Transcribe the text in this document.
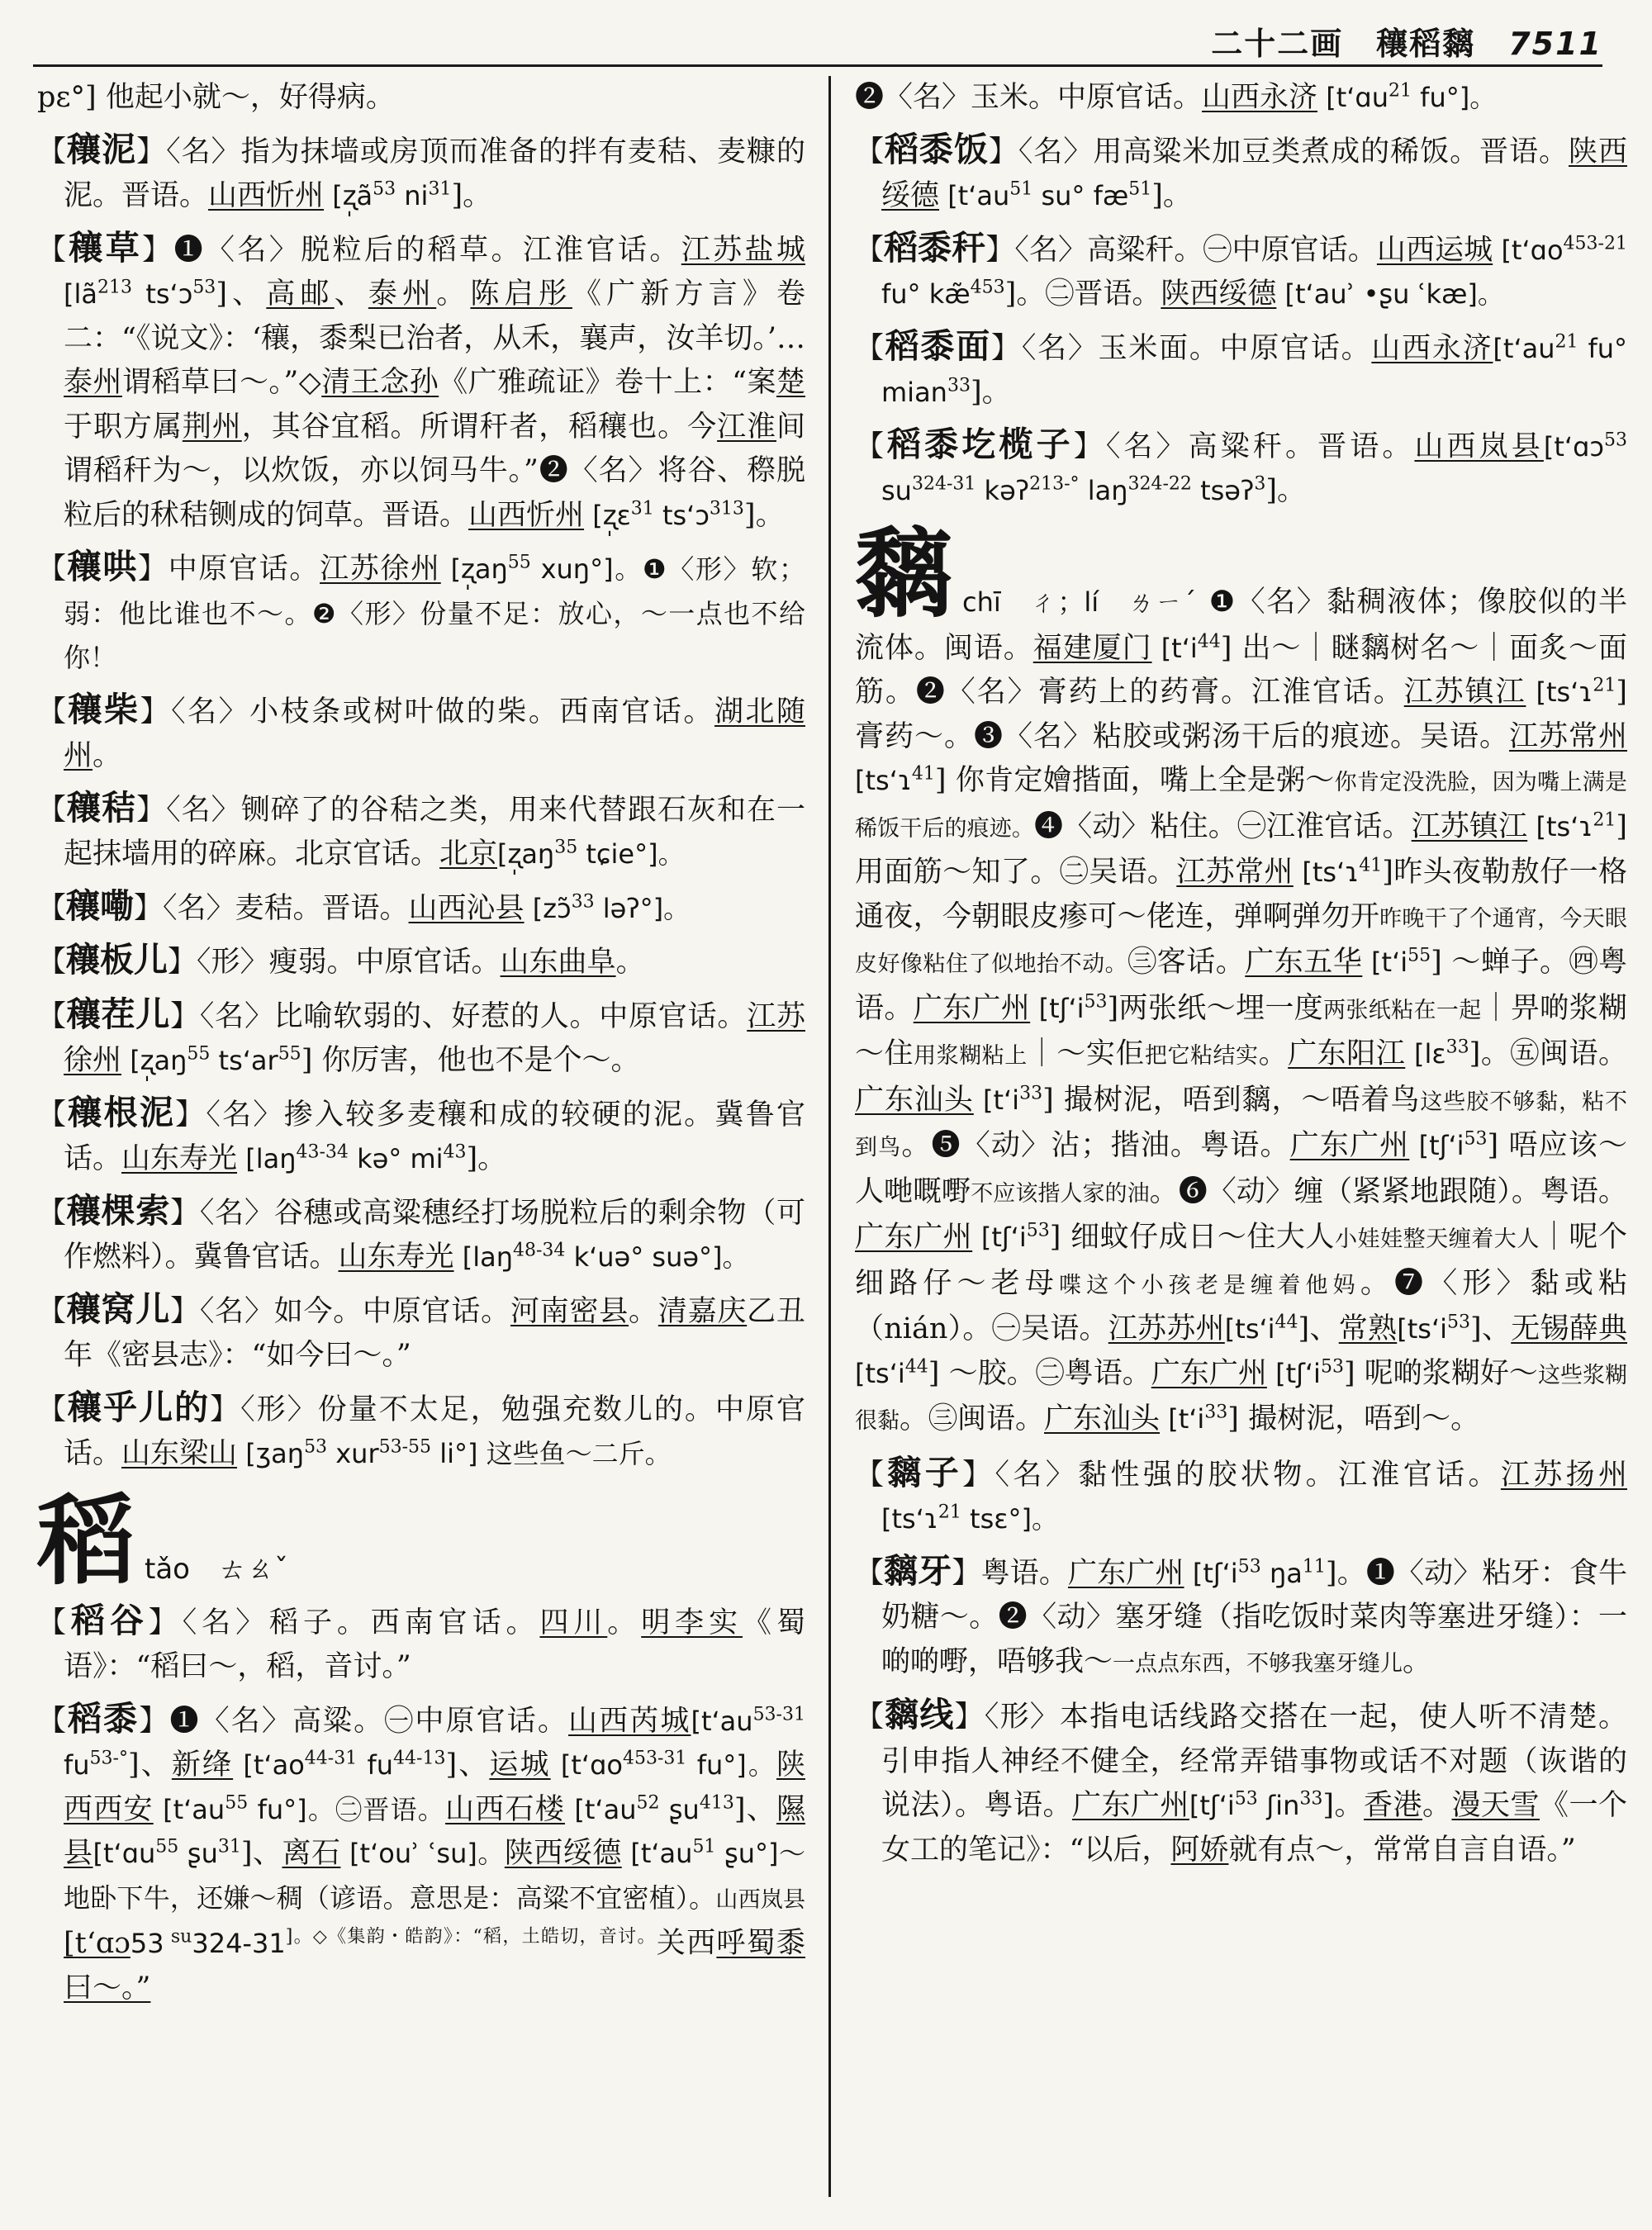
二十二画　穰稻黐 7511
pɛ°] 他起小就～，好得病。
【穰泥】〈名〉指为抹墙或房顶而准备的拌有麦秸、麦糠的泥。晋语。山西忻州 [$ʐ̩ã^{53}$ $ni^{31}$]。
【穰草】❶〈名〉脱粒后的稻草。江淮官话。江苏盐城 [$lã^{213}$ ts‘ɔ$^{53}$]、高邮、泰州。陈启彤《广新方言》卷二：“《说文》：‘穰，黍梨已治者，从禾，襄声，汝羊切。’…泰州谓稻草曰～。”◇清王念孙《广雅疏证》卷十上：“案楚于职方属荆州，其谷宜稻。所谓秆者，稻穰也。今江淮间谓稻秆为～，以炊饭，亦以饲马牛。”❷〈名〉将谷、穄脱粒后的秫秸铡成的饲草。晋语。山西忻州 [ʐ̩ɛ$^{31}$ ts‘ɔ$^{313}$]。
【穰哄】中原官话。江苏徐州 [$ʐ̩aŋ^{55}$ xuŋ°]。❶〈形〉软；弱：他比谁也不～。❷〈形〉份量不足：放心，～一点也不给你！
【穰柴】〈名〉小枝条或树叶做的柴。西南官话。湖北随州。
【穰秸】〈名〉铡碎了的谷秸之类，用来代替跟石灰和在一起抹墙用的碎麻。北京官话。北京[$ʐ̩aŋ^{35}$ tɕie°]。
【穰嘞】〈名〉麦秸。晋语。山西沁县 [zɔ̃$^{33}$ ləʔ°]。
【穰板儿】〈形〉瘦弱。中原官话。山东曲阜。
【穰茬儿】〈名〉比喻软弱的、好惹的人。中原官话。江苏徐州 [$ʐ̩aŋ^{55}$ $ts‘ar^{55}$] 你厉害，他也不是个～。
【穰根泥】〈名〉掺入较多麦穰和成的较硬的泥。冀鲁官话。山东寿光 [laŋ$^{43-34}$ kə° $mi^{43}$]。
【穰棵索】〈名〉谷穗或高粱穗经打场脱粒后的剩余物（可作燃料）。冀鲁官话。山东寿光 [laŋ$^{48-34}$ k‘uə° suə°]。
【穰窝儿】〈名〉如今。中原官话。河南密县。清嘉庆乙丑年《密县志》：“如今曰～。”
【穰乎儿的】〈形〉份量不太足，勉强充数儿的。中原官话。山东梁山 [ʒaŋ$^{53}$ xur$^{53-55}$ li°] 这些鱼～二斤。
稻tǎo　ㄊㄠˇ
【稻谷】〈名〉稻子。西南官话。四川。明李实《蜀语》：“稻曰～，稻，音讨。”
【稻黍】❶〈名〉高粱。㊀中原官话。山西芮城[$t‘au^{53-31}$ $fu^{53-^\circ}$]、新绛 [$t‘ao^{44-31}$ $fu^{44-13}$]、运城 [t‘ɑo$^{453-31}$ fu°]。陕西西安 [$t‘au^{55}$ fu°]。㊁晋语。山西石楼 [$t‘au^{52}$ ʂu$^{413}$]、隰县[t‘ɑu$^{55}$ ʂu$^{31}$]、离石 [t‘ouʾ ʿsu]。陕西绥德 [$t‘au^{51}$ ʂu°]～地卧下牛，还嫌～稠（谚语。意思是：高粱不宜密植）。山西岚县 [t‘ɑɔ53 $^{su}324-31^{]。◇《集韵・皓韵》:“稻,土皓切,音讨。}$关西呼蜀黍曰～。”
❷〈名〉玉米。中原官话。山西永济 [t‘ɑu$^{21}$ fu°]。
【稻黍饭】〈名〉用高粱米加豆类煮成的稀饭。晋语。陕西绥德 [$t‘au^{51}$ su° $fæ^{51}$]。
【稻黍秆】〈名〉高粱秆。㊀中原官话。山西运城 [t‘ɑo$^{453-21}$ fu° kæ̃$^{453}$]。㊁晋语。陕西绥德 [t‘auʾ •ʂu ʿkæ]。
【稻黍面】〈名〉玉米面。中原官话。山西永济[$t‘au^{21}$ fu° mian$^{33}$]。
【稻黍圪榄子】〈名〉高粱秆。晋语。山西岚县[t‘ɑɔ$^{53}$ $su^{324-31}$ kəʔ$^{213-^\circ}$ laŋ$^{324-22}$ tsəʔ$^3$]。
黐chī　ㄔ；lí　ㄌㄧˊ ❶〈名〉黏稠液体；像胶似的半流体。闽语。福建厦门 $[t‘i^{44}]$ 出～｜瞇黐树名～｜面炙～面筋。❷〈名〉膏药上的药膏。江淮官话。江苏镇江 [ts‘ɿ$^{21}$] 膏药～。❸〈名〉粘胶或粥汤干后的痕迹。吴语。江苏常州 [ts‘ɿ$^{41}$] 你肯定嬒揩面，嘴上全是粥～你肯定没洗脸，因为嘴上满是稀饭干后的痕迹。❹〈动〉粘住。㊀江淮官话。江苏镇江 [ts‘ɿ$^{21}$] 用面筋～知了。㊁吴语。江苏常州 [ts‘ɿ$^{41}$]昨头夜勒敖仔一格通夜，今朝眼皮瘆可～佬连，弹啊弹勿开昨晚干了个通宵，今天眼皮好像粘住了似地抬不动。㊂客话。广东五华 $[t‘i^{55}]$ ～蝉子。㊃粤语。广东广州 $[tʃ‘i^{53}]$两张纸～埋一度两张纸粘在一起｜畀啲浆糊～住用浆糊粘上｜～实佢把它粘结实。广东阳江 [lɛ$^{33}$]。㊄闽语。广东汕头 $[t‘i^{33}]$ 撮树泥，唔到黐，～唔着鸟这些胶不够黏，粘不到鸟。❺〈动〉沾；揩油。粤语。广东广州 $[tʃ‘i^{53}]$ 唔应该～人哋嘅嘢不应该揩人家的油。❻〈动〉缠（紧紧地跟随）。粤语。广东广州 $[tʃ‘i^{53}]$ 细蚊仔成日～住大人小娃娃整天缠着大人｜呢个细路仔～老母喋这个小孩老是缠着他妈。❼〈形〉黏或粘（nián）。㊀吴语。江苏苏州$[ts‘i^{44}]$、常熟$[ts‘i^{53}]$、无锡薛典 $[ts‘i^{44}]$ ～胶。㊁粤语。广东广州 $[tʃ‘i^{53}]$ 呢啲浆糊好～这些浆糊很黏。㊂闽语。广东汕头 $[t‘i^{33}]$ 撮树泥，唔到～。
【黐子】〈名〉黏性强的胶状物。江淮官话。江苏扬州 [ts‘ɿ$^{21}$ tsɛ°]。
【黐牙】粤语。广东广州 [$tʃ‘i^{53}$ $ŋa^{11}$]。❶〈动〉粘牙：食牛奶糖～。❷〈动〉塞牙缝（指吃饭时菜肉等塞进牙缝）：一啲啲嘢，唔够我～一点点东西，不够我塞牙缝儿。
【黐线】〈形〉本指电话线路交搭在一起，使人听不清楚。引申指人神经不健全，经常弄错事物或话不对题（诙谐的说法）。粤语。广东广州[$tʃ‘i^{53}$ ʃin$^{33}$]。香港。漫天雪《一个女工的笔记》：“以后，阿娇就有点～，常常自言自语。”
